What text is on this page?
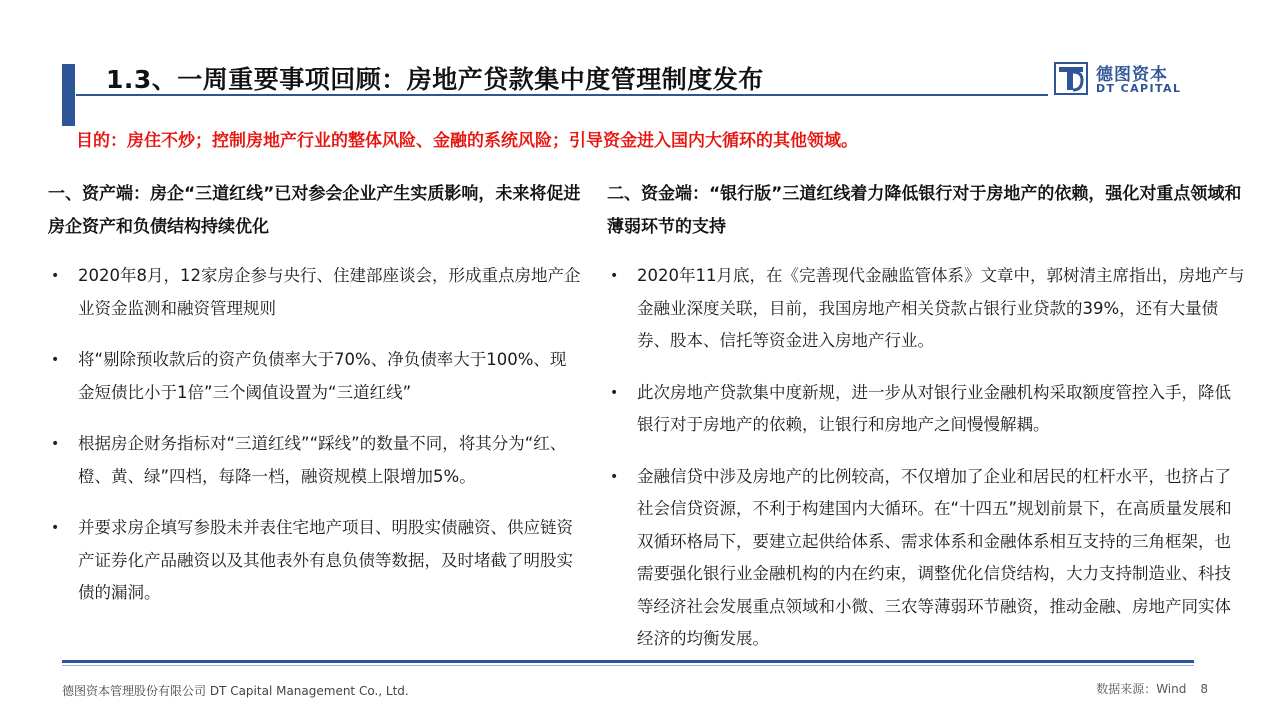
1.3、一周重要事项回顾：房地产贷款集中度管理制度发布	德图资本
DT CAPITAL
目的：房住不炒；控制房地产行业的整体风险、金融的系统风险；引导资金进入国内大循环的其他领域。
一、资产端：房企“三道红线”已对参会企业产生实质影响，未来将促进房企资产和负债结构持续优化
• 2020年8月，12家房企参与央行、住建部座谈会，形成重点房地产企业资金监测和融资管理规则
• 将“剔除预收款后的资产负债率大于70%、净负债率大于100%、现金短债比小于1倍”三个阈值设置为“三道红线”
• 根据房企财务指标对“三道红线”“踩线”的数量不同，将其分为“红、橙、黄、绿”四档，每降一档，融资规模上限增加5%。
• 并要求房企填写参股未并表住宅地产项目、明股实债融资、供应链资产证券化产品融资以及其他表外有息负债等数据，及时堵截了明股实债的漏洞。
二、资金端：“银行版”三道红线着力降低银行对于房地产的依赖，强化对重点领域和薄弱环节的支持
• 2020年11月底，在《完善现代金融监管体系》文章中，郭树清主席指出，房地产与金融业深度关联，目前，我国房地产相关贷款占银行业贷款的39%，还有大量债券、股本、信托等资金进入房地产行业。
• 此次房地产贷款集中度新规，进一步从对银行业金融机构采取额度管控入手，降低银行对于房地产的依赖，让银行和房地产之间慢慢解耦。
• 金融信贷中涉及房地产的比例较高，不仅增加了企业和居民的杠杆水平，也挤占了社会信贷资源，不利于构建国内大循环。在“十四五”规划前景下，在高质量发展和双循环格局下，要建立起供给体系、需求体系和金融体系相互支持的三角框架，也需要强化银行业金融机构的内在约束，调整优化信贷结构，大力支持制造业、科技等经济社会发展重点领域和小微、三农等薄弱环节融资，推动金融、房地产同实体经济的均衡发展。
德图资本管理股份有限公司 DT Capital Management Co., Ltd.	数据来源：Wind 8
